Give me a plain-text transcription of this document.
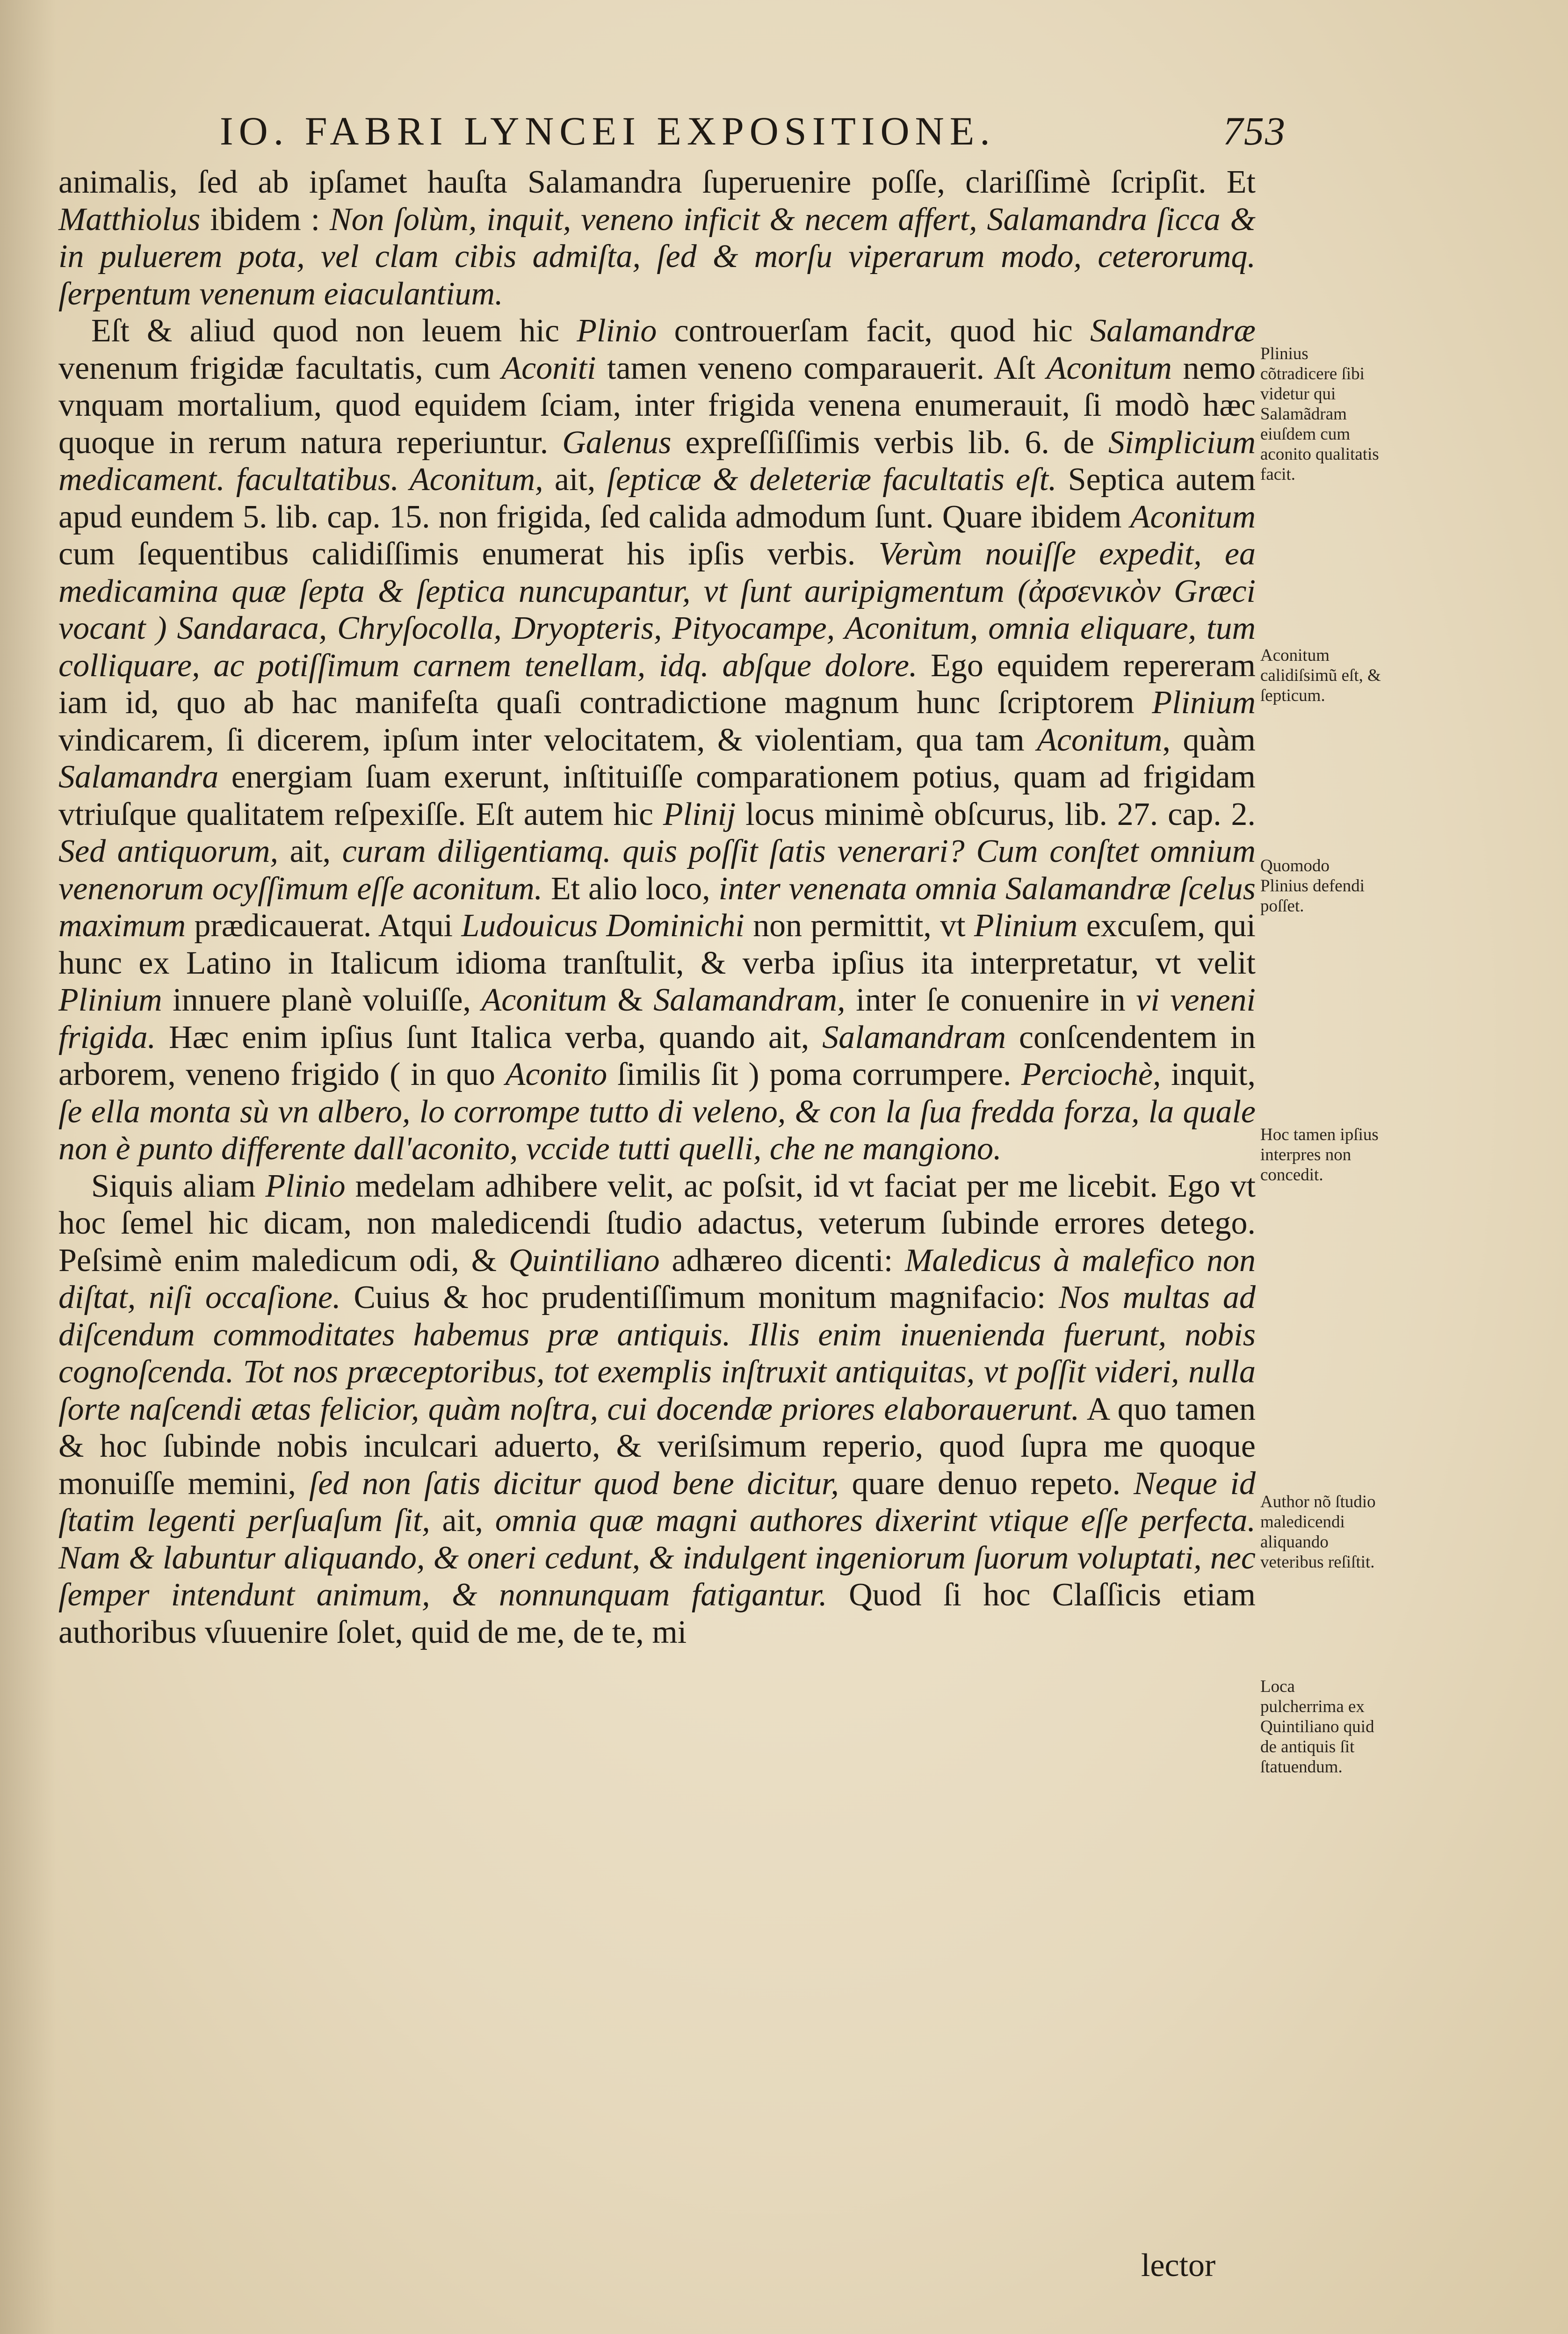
IO. FABRI LYNCEI EXPOSITIONE.	753

animalis, ſed ab ipſamet hauſta Salamandra ſuperuenire poſſe, clariſſimè ſcripſit. Et Matthiolus ibidem : Non ſolùm, inquit, veneno inficit & necem affert, Salamandra ſicca & in puluerem pota, vel clam cibis admiſta, ſed & morſu viperarum modo, ceterorumq. ſerpentum venenum eiaculantium.

Eſt & aliud quod non leuem hic Plinio controuerſam facit, quod hic Salamandræ venenum frigidæ facultatis, cum Aconiti tamen veneno comparauerit. Aſt Aconitum nemo vnquam mortalium, quod equidem ſciam, inter frigida venena enumerauit, ſi modò hæc quoque in rerum natura reperiuntur. Galenus expreſſiſſimis verbis lib. 6. de Simplicium medicament. facultatibus. Aconitum, ait, ſepticæ & deleteriæ facultatis eſt. Septica autem apud eundem 5. lib. cap. 15. non frigida, ſed calida admodum ſunt. Quare ibidem Aconitum cum ſequentibus calidiſſimis enumerat his ipſis verbis. Verùm nouiſſe expedit, ea medicamina quæ ſepta & ſeptica nuncupantur, vt ſunt auripigmentum (ἀρσενικὸν Græci vocant ) Sandaraca, Chryſocolla, Dryopteris, Pityocampe, Aconitum, omnia eliquare, tum colliquare, ac potiſſimum carnem tenellam, idq. abſque dolore. Ego equidem repereram iam id, quo ab hac manifeſta quaſi contradictione magnum hunc ſcriptorem Plinium vindicarem, ſi dicerem, ipſum inter velocitatem, & violentiam, qua tam Aconitum, quàm Salamandra energiam ſuam exerunt, inſtituiſſe comparationem potius, quam ad frigidam vtriuſque qualitatem reſpexiſſe. Eſt autem hic Plinij locus minimè obſcurus, lib. 27. cap. 2. Sed antiquorum, ait, curam diligentiamq. quis poſſit ſatis venerari? Cum conſtet omnium venenorum ocyſſimum eſſe aconitum. Et alio loco, inter venenata omnia Salamandræ ſcelus maximum prædicauerat. Atqui Ludouicus Dominichi non permittit, vt Plinium excuſem, qui hunc ex Latino in Italicum idioma tranſtulit, & verba ipſius ita interpretatur, vt velit Plinium innuere planè voluiſſe, Aconitum & Salamandram, inter ſe conuenire in vi veneni frigida. Hæc enim ipſius ſunt Italica verba, quando ait, Salamandram conſcendentem in arborem, veneno frigido ( in quo Aconito ſimilis ſit ) poma corrumpere. Perciochè, inquit, ſe ella monta sù vn albero, lo corrompe tutto di veleno, & con la ſua fredda forza, la quale non è punto differente dall'aconito, vccide tutti quelli, che ne mangiono.

Siquis aliam Plinio medelam adhibere velit, ac poſsit, id vt faciat per me licebit. Ego vt hoc ſemel hic dicam, non maledicendi ſtudio adactus, veterum ſubinde errores detego. Peſsimè enim maledicum odi, & Quintiliano adhæreo dicenti: Maledicus à malefico non diſtat, niſi occaſione. Cuius & hoc prudentiſſimum monitum magnifacio: Nos multas ad diſcendum commoditates habemus præ antiquis. Illis enim inuenienda fuerunt, nobis cognoſcenda. Tot nos præceptoribus, tot exemplis inſtruxit antiquitas, vt poſſit videri, nulla ſorte naſcendi ætas felicior, quàm noſtra, cui docendæ priores elaborauerunt. A quo tamen & hoc ſubinde nobis inculcari aduerto, & veriſsimum reperio, quod ſupra me quoque monuiſſe memini, ſed non ſatis dicitur quod bene dicitur, quare denuo repeto. Neque id ſtatim legenti perſuaſum ſit, ait, omnia quæ magni authores dixerint vtique eſſe perfecta. Nam & labuntur aliquando, & oneri cedunt, & indulgent ingeniorum ſuorum voluptati, nec ſemper intendunt animum, & nonnunquam fatigantur. Quod ſi hoc Claſſicis etiam authoribus vſuuenire ſolet, quid de me, de te, mi

Plinius cõtradicere ſibi videtur qui Salamãdram eiuſdem cum aconito qualitatis facit.
Aconitum calidiſsimũ eſt, & ſepticum.
Quomodo Plinius defendi poſſet.
Hoc tamen ipſius interpres non concedit.
Author nõ ſtudio maledicendi aliquando veteribus reſiſtit.
Loca pulcherrima ex Quintiliano quid de antiquis ſit ſtatuendum.
lector
